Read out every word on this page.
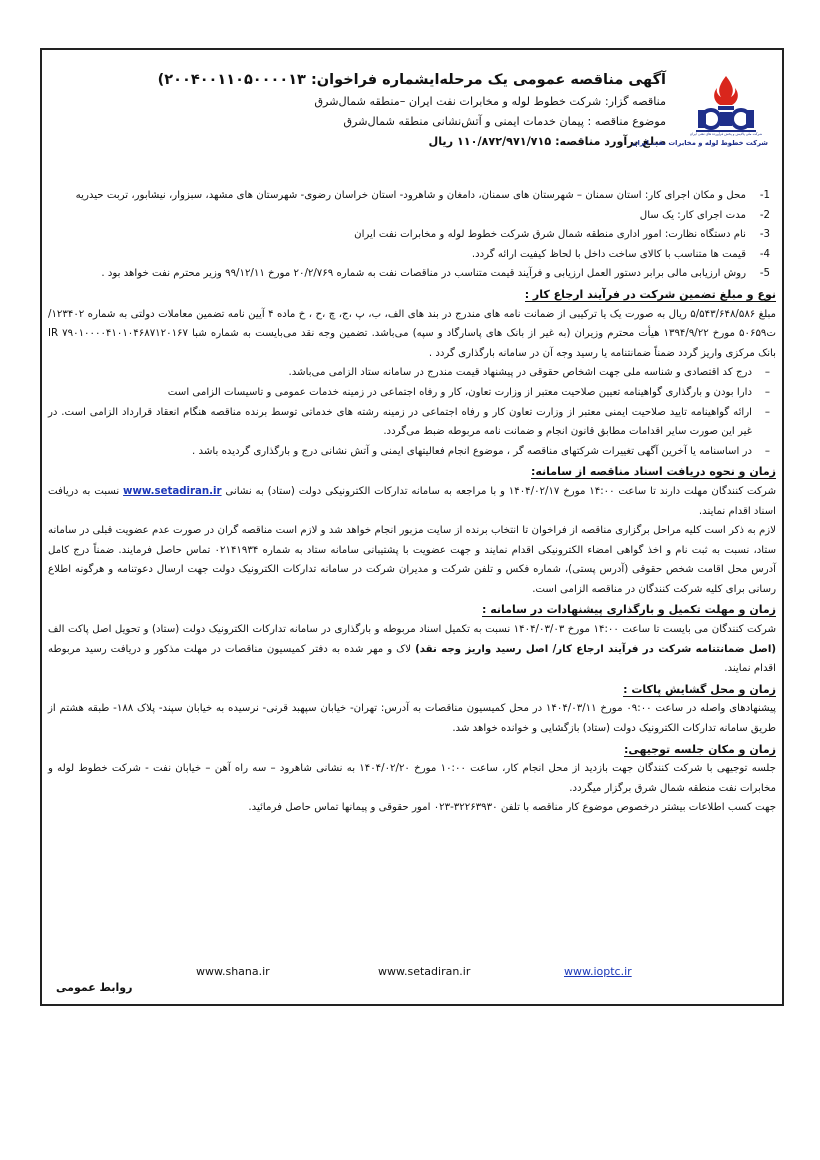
شرکت ملی پالایش و پخش فرآورده های نفتی ایران
شرکت خطوط لوله و مخابرات نفت ایران
آگهی مناقصه عمومی یک مرحله‌ایشماره فراخوان: ۲۰۰۴۰۰۱۱۰۵۰۰۰۰۱۳)
مناقصه گزار: شرکت خطوط لوله و مخابرات نفت ایران –منطقه شمال‌شرق
موضوع مناقصه : پیمان خدمات ایمنی و آتش‌نشانی منطقه شمال‌شرق
مبلغ برآورد مناقصه: ۱۱۰/۸۷۲/۹۷۱/۷۱۵ ریال
محل و مکان اجرای کار: استان سمنان – شهرستان های سمنان، دامغان و شاهرود- استان خراسان رضوی- شهرستان های مشهد، سبزوار، نیشابور، تربت حیدریه
مدت اجرای کار: یک سال
نام دستگاه نظارت: امور اداری منطقه شمال شرق شرکت خطوط لوله و مخابرات نفت ایران
قیمت ها متناسب با کالای ساخت داخل با لحاظ کیفیت ارائه گردد.
روش ارزیابی مالی برابر دستور العمل ارزیابی و فرآیند قیمت متناسب در مناقصات نفت به شماره ۲۰/۲/۷۶۹ مورخ ۹۹/۱۲/۱۱ وزیر محترم نفت خواهد بود .
نوع و مبلغ تضمین شرکت در فرآیند ارجاع کار :

مبلغ ۵/۵۴۳/۶۴۸/۵۸۶ ریال به صورت یک یا ترکیبی از ضمانت نامه های مندرج در بند های الف، ب، پ ،ج، چ ،ح ، خ ماده ۴ آیین نامه تضمین معاملات دولتی به شماره ۱۲۳۴۰۲/ت۵۰۶۵۹ مورخ ۱۳۹۴/۹/۲۲ هیأت محترم وزیران (به غیر از بانک های پاسارگاد و سپه) می‌باشد. تضمین وجه نقد می‌بایست به شماره شبا IR ۷۹۰۱۰۰۰۰۴۱۰۱۰۴۶۸۷۱۲۰۱۶۷ بانک مرکزی واریز گردد ضمناً ضمانتنامه یا رسید وجه آن در سامانه بارگذاری گردد .

– درج کد اقتصادی و شناسه ملی جهت اشخاص حقوقی در پیشنهاد قیمت مندرج در سامانه ستاد الزامی می‌باشد.
– دارا بودن و بارگذاری گواهینامه تعیین صلاحیت معتبر از وزارت تعاون، کار و رفاه اجتماعی در زمینه خدمات عمومی و تاسیسات الزامی است
– ارائه گواهینامه تایید صلاحیت ایمنی معتبر از وزارت تعاون کار و رفاه اجتماعی در زمینه رشته های خدماتی توسط برنده مناقصه هنگام انعقاد قرارداد الزامی است. در غیر این صورت سایر اقدامات مطابق قانون انجام و ضمانت نامه مربوطه ضبط می‌گردد.
– در اساسنامه یا آخرین آگهی تغییرات شرکتهای مناقصه گر ، موضوع انجام فعالیتهای ایمنی و آتش نشانی درج و بارگذاری گردیده باشد .
زمان و نحوه دریافت اسناد مناقصه از سامانه:

شرکت کنندگان مهلت دارند تا ساعت ۱۴:۰۰ مورخ ۱۴۰۴/۰۲/۱۷ و با مراجعه به سامانه تدارکات الکترونیکی دولت (ستاد) به نشانی www.setadiran.ir نسبت به دریافت اسناد اقدام نمایند.

لازم به ذکر است کلیه مراحل برگزاری مناقصه از فراخوان تا انتخاب برنده از سایت مزبور انجام خواهد شد و لازم است مناقصه گران در صورت عدم عضویت قبلی در سامانه ستاد، نسبت به ثبت نام و اخذ گواهی امضاء الکترونیکی اقدام نمایند و جهت عضویت با پشتیبانی سامانه ستاد به شماره ۰۲۱۴۱۹۳۴ تماس حاصل فرمایند. ضمناً درج کامل آدرس محل اقامت شخص حقوقی (آدرس پستی)، شماره فکس و تلفن شرکت و مدیران شرکت در سامانه تدارکات الکترونیک دولت جهت ارسال دعوتنامه و هرگونه اطلاع رسانی برای کلیه شرکت کنندگان در مناقصه الزامی است.

زمان و مهلت تکمیل و بارگذاری پیشنهادات در سامانه :

شرکت کنندگان می بایست تا ساعت ۱۴:۰۰ مورخ ۱۴۰۴/۰۳/۰۳ نسبت به تکمیل اسناد مربوطه و بارگذاری در سامانه تدارکات الکترونیک دولت (ستاد) و تحویل اصل پاکت الف (اصل ضمانتنامه شرکت در فرآیند ارجاع کار/ اصل رسید واریز وجه نقد) لاک و مهر شده به دفتر کمیسیون مناقصات در مهلت مذکور و دریافت رسید مربوطه اقدام نمایند.

زمان و محل گشایش پاکات :

پیشنهادهای واصله در ساعت ۰۹:۰۰ مورخ ۱۴۰۴/۰۳/۱۱ در محل کمیسیون مناقصات به آدرس: تهران- خیابان سپهبد قرنی- نرسیده به خیابان سپند- پلاک ۱۸۸- طبقه هشتم از طریق سامانه تدارکات الکترونیک دولت (ستاد) بازگشایی و خوانده خواهد شد.

زمان و مکان جلسه توجیهی:

جلسه توجیهی با شرکت کنندگان جهت بازدید از محل انجام کار، ساعت ۱۰:۰۰ مورخ ۱۴۰۴/۰۲/۲۰ به نشانی شاهرود – سه راه آهن – خیابان نفت - شرکت خطوط لوله و مخابرات نفت منطقه شمال شرق برگزار میگردد.

جهت کسب اطلاعات بیشتر درخصوص موضوع کار مناقصه با تلفن ۳۲۲۶۳۹۳۰-۰۲۳ امور حقوقی و پیمانها تماس حاصل فرمائید.

www.shana.ir	www.setadiran.ir	www.ioptc.ir
روابط عمومی
